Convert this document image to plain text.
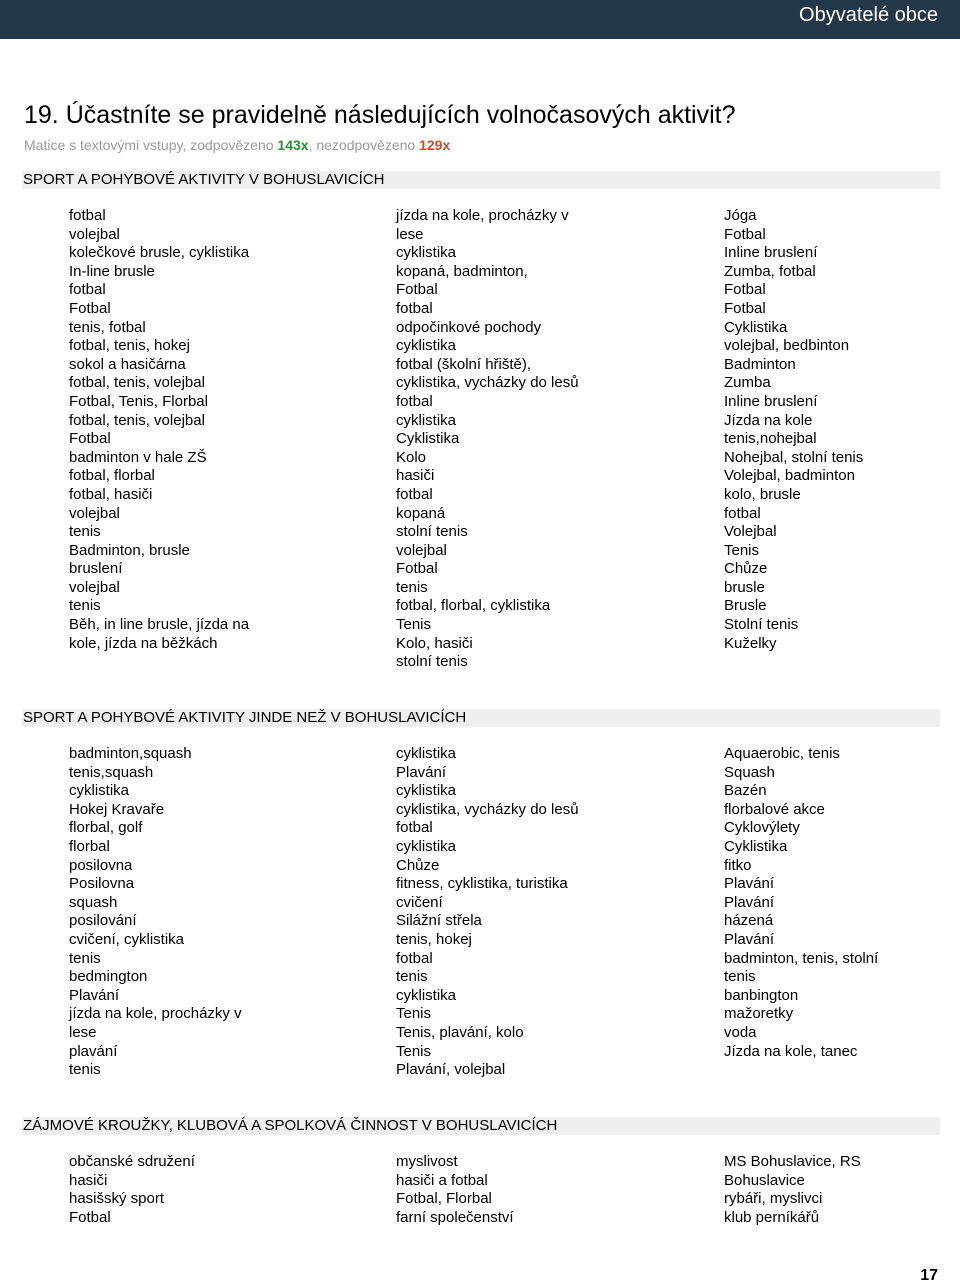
Obyvatelé obce
19. Účastníte se pravidelně následujících volnočasových aktivit?
Matice s textovými vstupy, zodpovězeno 143x, nezodpovězeno 129x
SPORT A POHYBOVÉ AKTIVITY V BOHUSLAVICÍCH
fotbal
volejbal
kolečkové brusle, cyklistika
In-line brusle
fotbal
Fotbal
tenis, fotbal
fotbal, tenis, hokej
sokol a hasičárna
fotbal, tenis, volejbal
Fotbal, Tenis, Florbal
fotbal, tenis, volejbal
Fotbal
badminton v hale ZŠ
fotbal, florbal
fotbal, hasiči
volejbal
tenis
Badminton, brusle
bruslení
volejbal
tenis
Běh, in line brusle, jízda na
kole, jízda na běžkách
jízda na kole, procházky v
lese
cyklistika
kopaná, badminton,
Fotbal
fotbal
odpočinkové pochody
cyklistika
fotbal (školní hřiště),
cyklistika, vycházky do lesů
fotbal
cyklistika
Cyklistika
Kolo
hasiči
fotbal
kopaná
stolní tenis
volejbal
Fotbal
tenis
fotbal, florbal, cyklistika
Tenis
Kolo, hasiči
stolní tenis
Jóga
Fotbal
Inline bruslení
Zumba, fotbal
Fotbal
Fotbal
Cyklistika
volejbal, bedbinton
Badminton
Zumba
Inline bruslení
Jízda na kole
tenis,nohejbal
Nohejbal, stolní tenis
Volejbal, badminton
kolo, brusle
fotbal
Volejbal
Tenis
Chůze
brusle
Brusle
Stolní tenis
Kuželky
SPORT A POHYBOVÉ AKTIVITY JINDE NEŽ V BOHUSLAVICÍCH
badminton,squash
tenis,squash
cyklistika
Hokej Kravaře
florbal, golf
florbal
posilovna
Posilovna
squash
posilování
cvičení, cyklistika
tenis
bedmington
Plavání
jízda na kole, procházky v
lese
plavání
tenis
cyklistika
Plavání
cyklistika
cyklistika, vycházky do lesů
fotbal
cyklistika
Chůze
fitness, cyklistika, turistika
cvičení
Silážní střela
tenis, hokej
fotbal
tenis
cyklistika
Tenis
Tenis, plavání, kolo
Tenis
Plavání, volejbal
Aquaerobic, tenis
Squash
Bazén
florbalové akce
Cyklovýlety
Cyklistika
fitko
Plavání
Plavání
házená
Plavání
badminton, tenis, stolní
tenis
banbington
mažoretky
voda
Jízda na kole, tanec
ZÁJMOVÉ KROUŽKY, KLUBOVÁ A SPOLKOVÁ ČINNOST V BOHUSLAVICÍCH
občanské sdružení
hasiči
hasišský sport
Fotbal
myslivost
hasiči a fotbal
Fotbal, Florbal
farní společenství
MS Bohuslavice, RS
Bohuslavice
rybáři, myslivci
klub perníkářů
17
